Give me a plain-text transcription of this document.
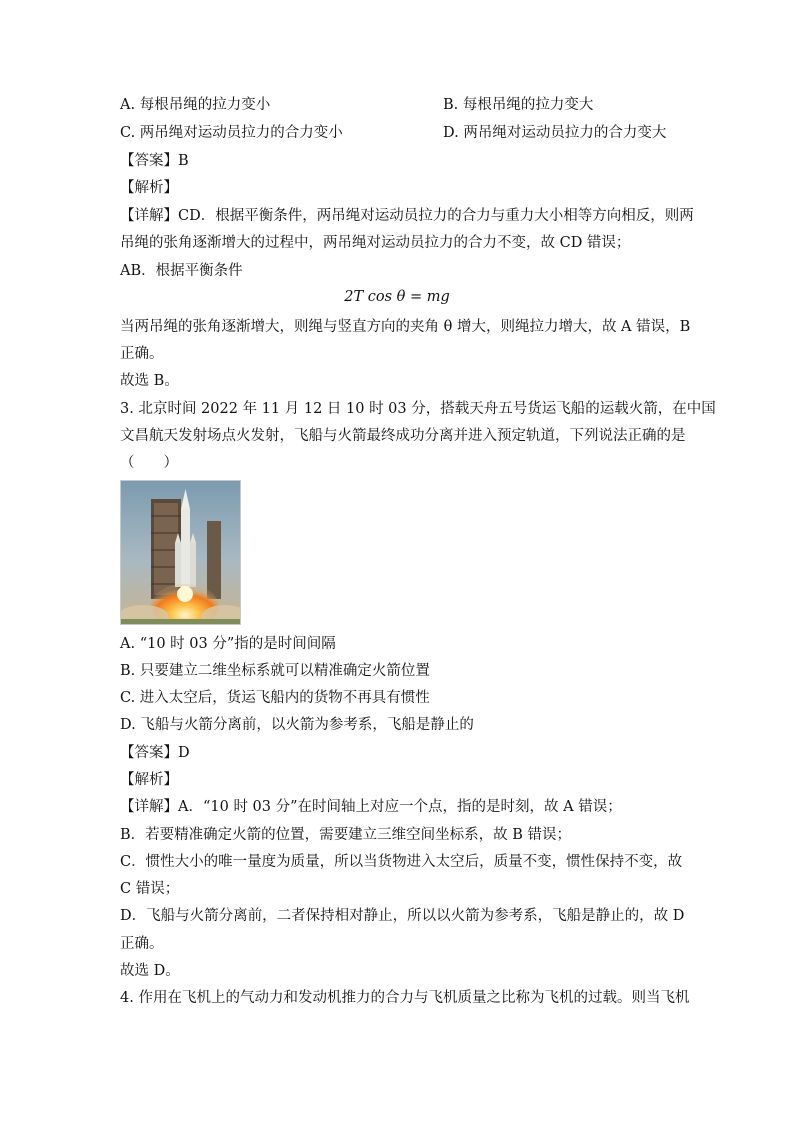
A. 每根吊绳的拉力变小	B. 每根吊绳的拉力变大
C. 两吊绳对运动员拉力的合力变小	D. 两吊绳对运动员拉力的合力变大
【答案】B
【解析】
【详解】CD．根据平衡条件，两吊绳对运动员拉力的合力与重力大小相等方向相反，则两
吊绳的张角逐渐增大的过程中，两吊绳对运动员拉力的合力不变，故 CD 错误；
AB．根据平衡条件
2T cos θ = mg
当两吊绳的张角逐渐增大，则绳与竖直方向的夹角 θ 增大，则绳拉力增大，故 A 错误，B
正确。
故选 B。
3. 北京时间 2022 年 11 月 12 日 10 时 03 分，搭载天舟五号货运飞船的运载火箭，在中国
文昌航天发射场点火发射，飞船与火箭最终成功分离并进入预定轨道，下列说法正确的是
（　　）
A. “10 时 03 分”指的是时间间隔
B. 只要建立二维坐标系就可以精准确定火箭位置
C. 进入太空后，货运飞船内的货物不再具有惯性
D. 飞船与火箭分离前，以火箭为参考系，飞船是静止的
【答案】D
【解析】
【详解】A．“10 时 03 分”在时间轴上对应一个点，指的是时刻，故 A 错误；
B．若要精准确定火箭的位置，需要建立三维空间坐标系，故 B 错误；
C．惯性大小的唯一量度为质量，所以当货物进入太空后，质量不变，惯性保持不变，故
C 错误；
D．飞船与火箭分离前，二者保持相对静止，所以以火箭为参考系，飞船是静止的，故 D
正确。
故选 D。
4. 作用在飞机上的气动力和发动机推力的合力与飞机质量之比称为飞机的过载。则当飞机
